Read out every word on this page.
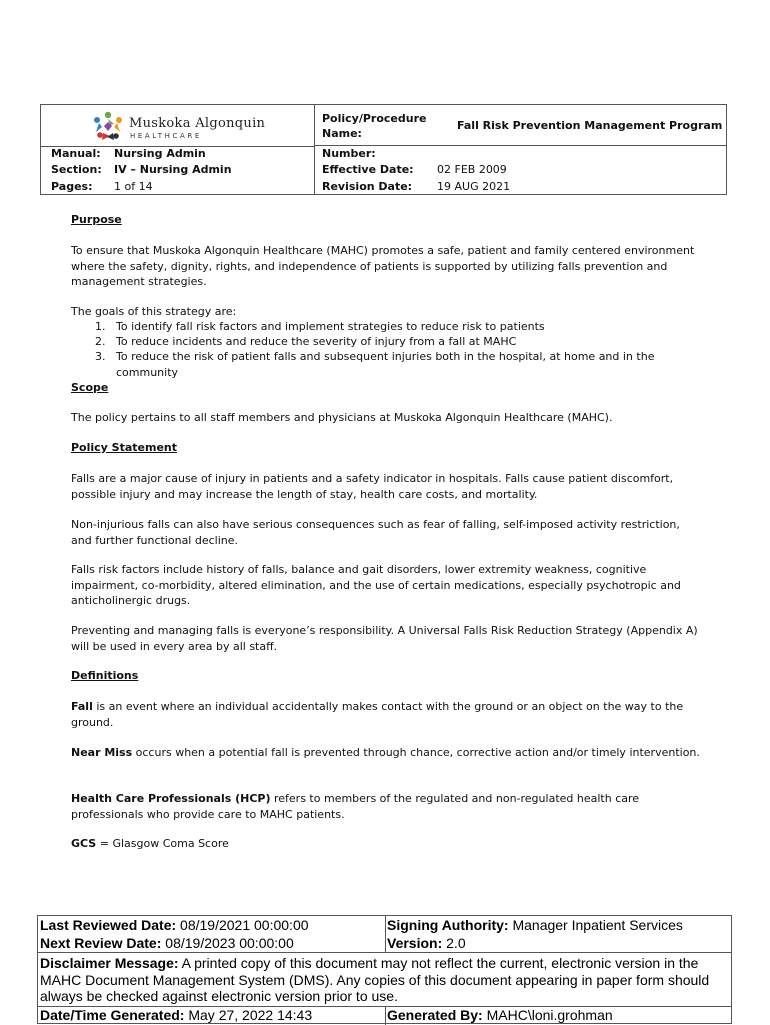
Muskoka Algonquin
HEALTHCARE
Manual: Nursing Admin
Section: IV – Nursing Admin
Pages: 1 of 14
Policy/Procedure
Name:
Fall Risk Prevention Management Program
Number:
Effective Date: 02 FEB 2009
Revision Date: 19 AUG 2021
Purpose
To ensure that Muskoka Algonquin Healthcare (MAHC) promotes a safe, patient and family centered environment where the safety, dignity, rights, and independence of patients is supported by utilizing falls prevention and management strategies.
The goals of this strategy are:
1. To identify fall risk factors and implement strategies to reduce risk to patients
2. To reduce incidents and reduce the severity of injury from a fall at MAHC
3. To reduce the risk of patient falls and subsequent injuries both in the hospital, at home and in the community
Scope
The policy pertains to all staff members and physicians at Muskoka Algonquin Healthcare (MAHC).
Policy Statement
Falls are a major cause of injury in patients and a safety indicator in hospitals. Falls cause patient discomfort, possible injury and may increase the length of stay, health care costs, and mortality.
Non-injurious falls can also have serious consequences such as fear of falling, self-imposed activity restriction, and further functional decline.
Falls risk factors include history of falls, balance and gait disorders, lower extremity weakness, cognitive impairment, co-morbidity, altered elimination, and the use of certain medications, especially psychotropic and anticholinergic drugs.
Preventing and managing falls is everyone’s responsibility. A Universal Falls Risk Reduction Strategy (Appendix A) will be used in every area by all staff.
Definitions
Fall is an event where an individual accidentally makes contact with the ground or an object on the way to the ground.
Near Miss occurs when a potential fall is prevented through chance, corrective action and/or timely intervention.
Health Care Professionals (HCP) refers to members of the regulated and non-regulated health care professionals who provide care to MAHC patients.
GCS = Glasgow Coma Score
Last Reviewed Date: 08/19/2021 00:00:00	Signing Authority: Manager Inpatient Services
Next Review Date: 08/19/2023 00:00:00	Version: 2.0
Disclaimer Message: A printed copy of this document may not reflect the current, electronic version in the MAHC Document Management System (DMS). Any copies of this document appearing in paper form should always be checked against electronic version prior to use.
Date/Time Generated: May 27, 2022 14:43	Generated By: MAHC\loni.grohman
